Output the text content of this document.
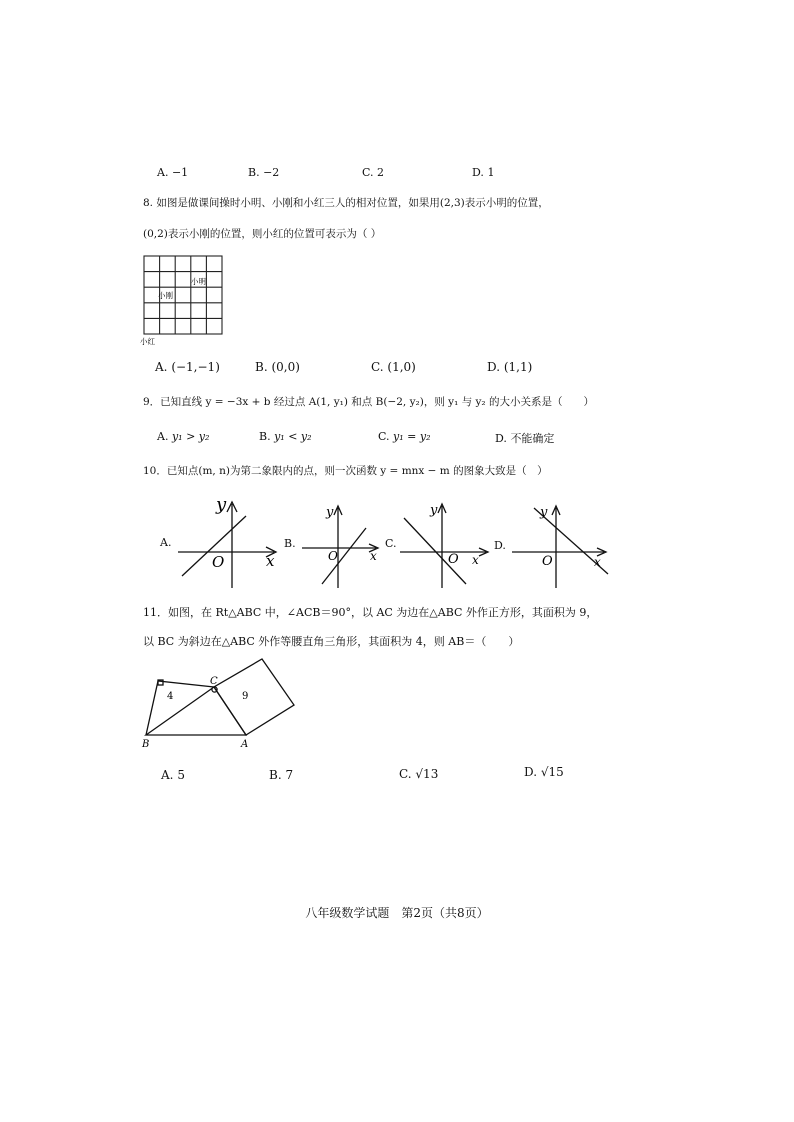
A. −1	B. −2	C. 2	D. 1
8. 如图是做课间操时小明、小刚和小红三人的相对位置，如果用(2,3)表示小明的位置，
(0,2)表示小刚的位置，则小红的位置可表示为（ ）
小明
小刚
小红
A. (−1,−1)	B. (0,0)	C. (1,0)	D. (1,1)
9．已知直线 y = −3x + b 经过点 A(1, y₁) 和点 B(−2, y₂)，则 y₁ 与 y₂ 的大小关系是（　　）
A. y₁ > y₂	B. y₁ < y₂	C. y₁ = y₂	D. 不能确定
10．已知点(m, n)为第二象限内的点，则一次函数 y = mnx − m 的图象大致是（　）
A.
y
x
O
B.
y
x
O
C.
y
x
O
D.
y
x
O
11．如图，在 Rt△ABC 中，∠ACB＝90°，以 AC 为边在△ABC 外作正方形，其面积为 9，
以 BC 为斜边在△ABC 外作等腰直角三角形，其面积为 4，则 AB＝（　　）
4	9
C
B	A
A. 5	B. 7	C. √13	D. √15
八年级数学试题　第2页（共8页）
